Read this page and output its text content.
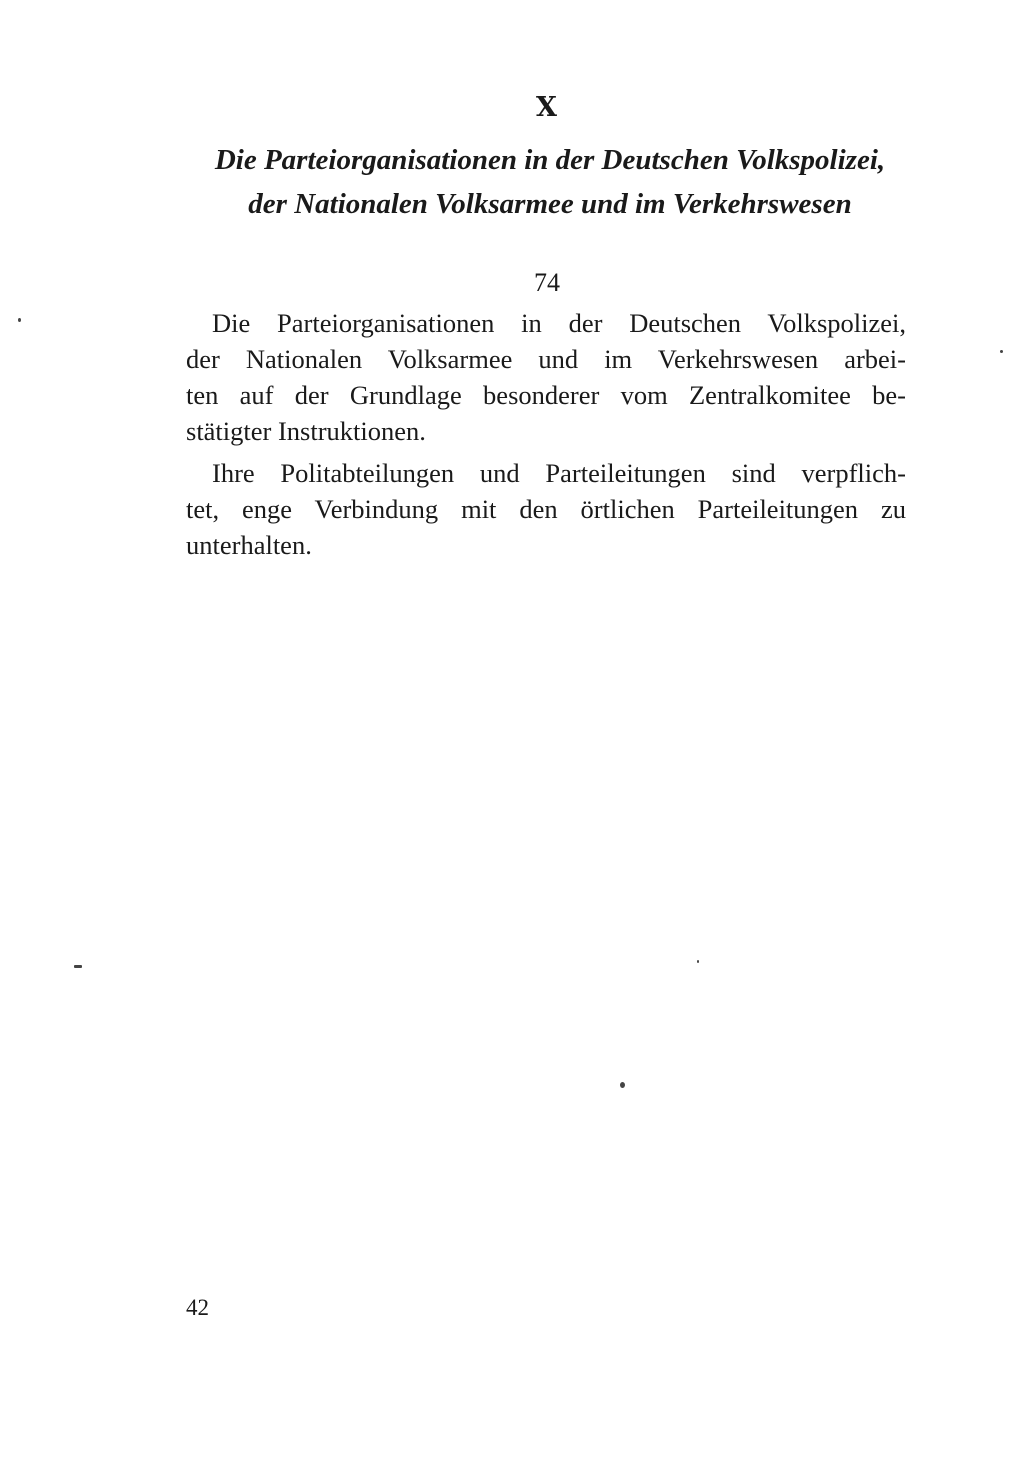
X
Die Parteiorganisationen in der Deutschen Volkspolizei,
der Nationalen Volksarmee und im Verkehrswesen
74
Die Parteiorganisationen in der Deutschen Volkspolizei,
der Nationalen Volksarmee und im Verkehrswesen arbei-
ten auf der Grundlage besonderer vom Zentralkomitee be-
stätigter Instruktionen.
Ihre Politabteilungen und Parteileitungen sind verpflich-
tet, enge Verbindung mit den örtlichen Parteileitungen zu
unterhalten.
42
